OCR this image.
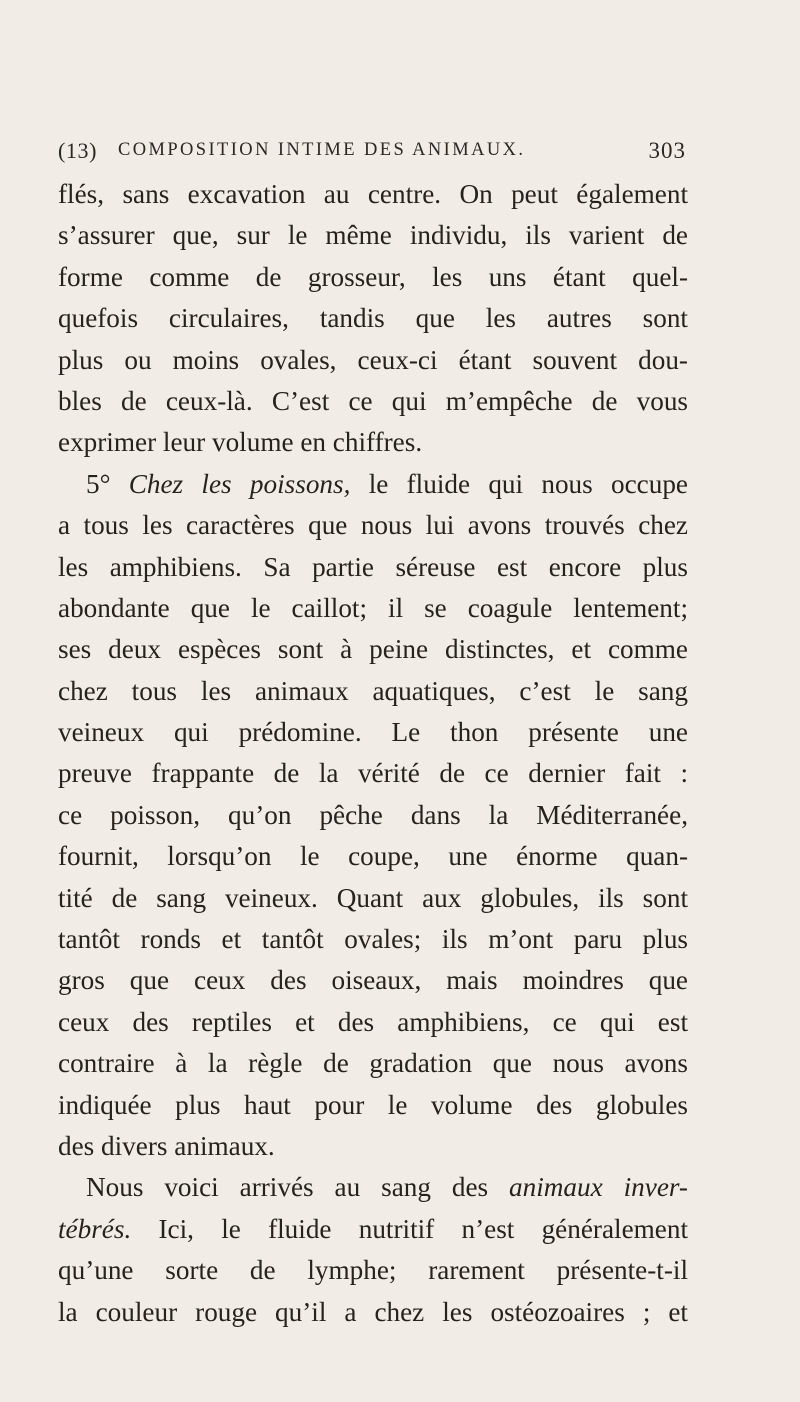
(13) COMPOSITION INTIME DES ANIMAUX.	303
flés, sans excavation au centre. On peut également
s’assurer que, sur le même individu, ils varient de
forme comme de grosseur, les uns étant quel-
quefois circulaires, tandis que les autres sont
plus ou moins ovales, ceux-ci étant souvent dou-
bles de ceux-là. C’est ce qui m’empêche de vous
exprimer leur volume en chiffres.
5° Chez les poissons, le fluide qui nous occupe
a tous les caractères que nous lui avons trouvés chez
les amphibiens. Sa partie séreuse est encore plus
abondante que le caillot; il se coagule lentement;
ses deux espèces sont à peine distinctes, et comme
chez tous les animaux aquatiques, c’est le sang
veineux qui prédomine. Le thon présente une
preuve frappante de la vérité de ce dernier fait :
ce poisson, qu’on pêche dans la Méditerranée,
fournit, lorsqu’on le coupe, une énorme quan-
tité de sang veineux. Quant aux globules, ils sont
tantôt ronds et tantôt ovales; ils m’ont paru plus
gros que ceux des oiseaux, mais moindres que
ceux des reptiles et des amphibiens, ce qui est
contraire à la règle de gradation que nous avons
indiquée plus haut pour le volume des globules
des divers animaux.
Nous voici arrivés au sang des animaux inver-
tébrés. Ici, le fluide nutritif n’est généralement
qu’une sorte de lymphe; rarement présente-t-il
la couleur rouge qu’il a chez les ostéozoaires ; et
